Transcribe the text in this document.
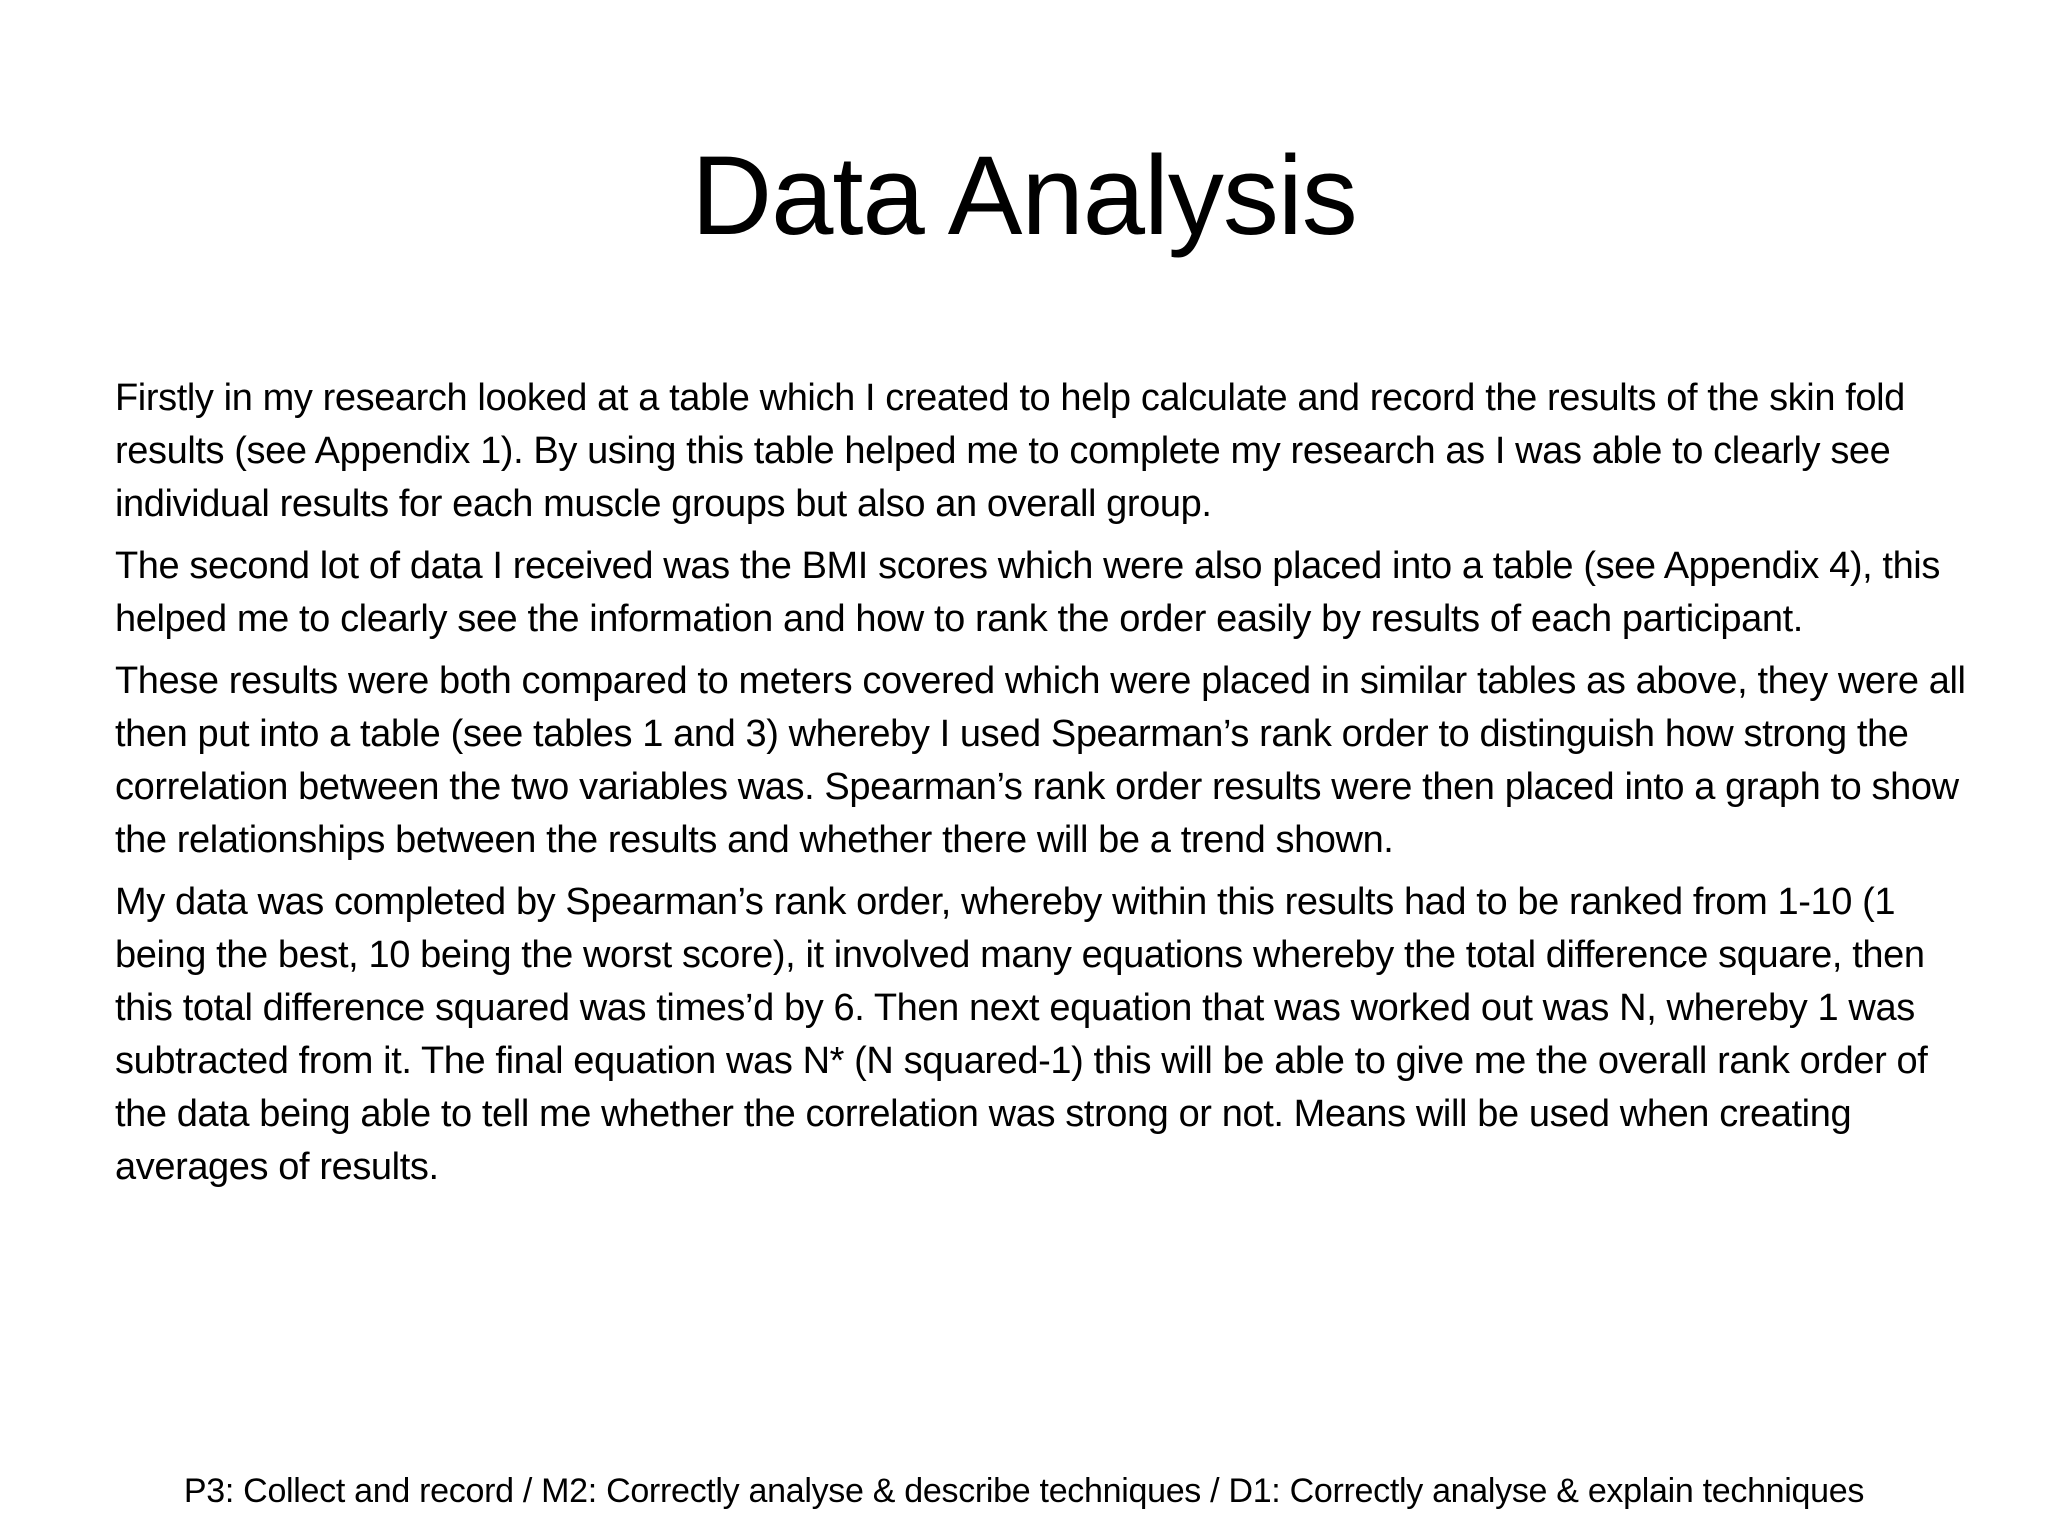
Data Analysis

Firstly in my research looked at a table which I created to help calculate and record the results of the skin fold results (see Appendix 1). By using this table helped me to complete my research as I was able to clearly see individual results for each muscle groups but also an overall group.

The second lot of data I received was the BMI scores which were also placed into a table (see Appendix 4), this helped me to clearly see the information and how to rank the order easily by results of each participant.

These results were both compared to meters covered which were placed in similar tables as above, they were all then put into a table (see tables 1 and 3) whereby I used Spearman’s rank order to distinguish how strong the correlation between the two variables was. Spearman’s rank order results were then placed into a graph to show the relationships between the results and whether there will be a trend shown.

My data was completed by Spearman’s rank order, whereby within this results had to be ranked from 1-10 (1 being the best, 10 being the worst score), it involved many equations whereby the total difference square, then this total difference squared was times’d by 6. Then next equation that was worked out was N, whereby 1 was subtracted from it. The final equation was N* (N squared-1) this will be able to give me the overall rank order of the data being able to tell me whether the correlation was strong or not. Means will be used when creating averages of results.

P3: Collect and record / M2: Correctly analyse & describe techniques / D1: Correctly analyse & explain techniques
